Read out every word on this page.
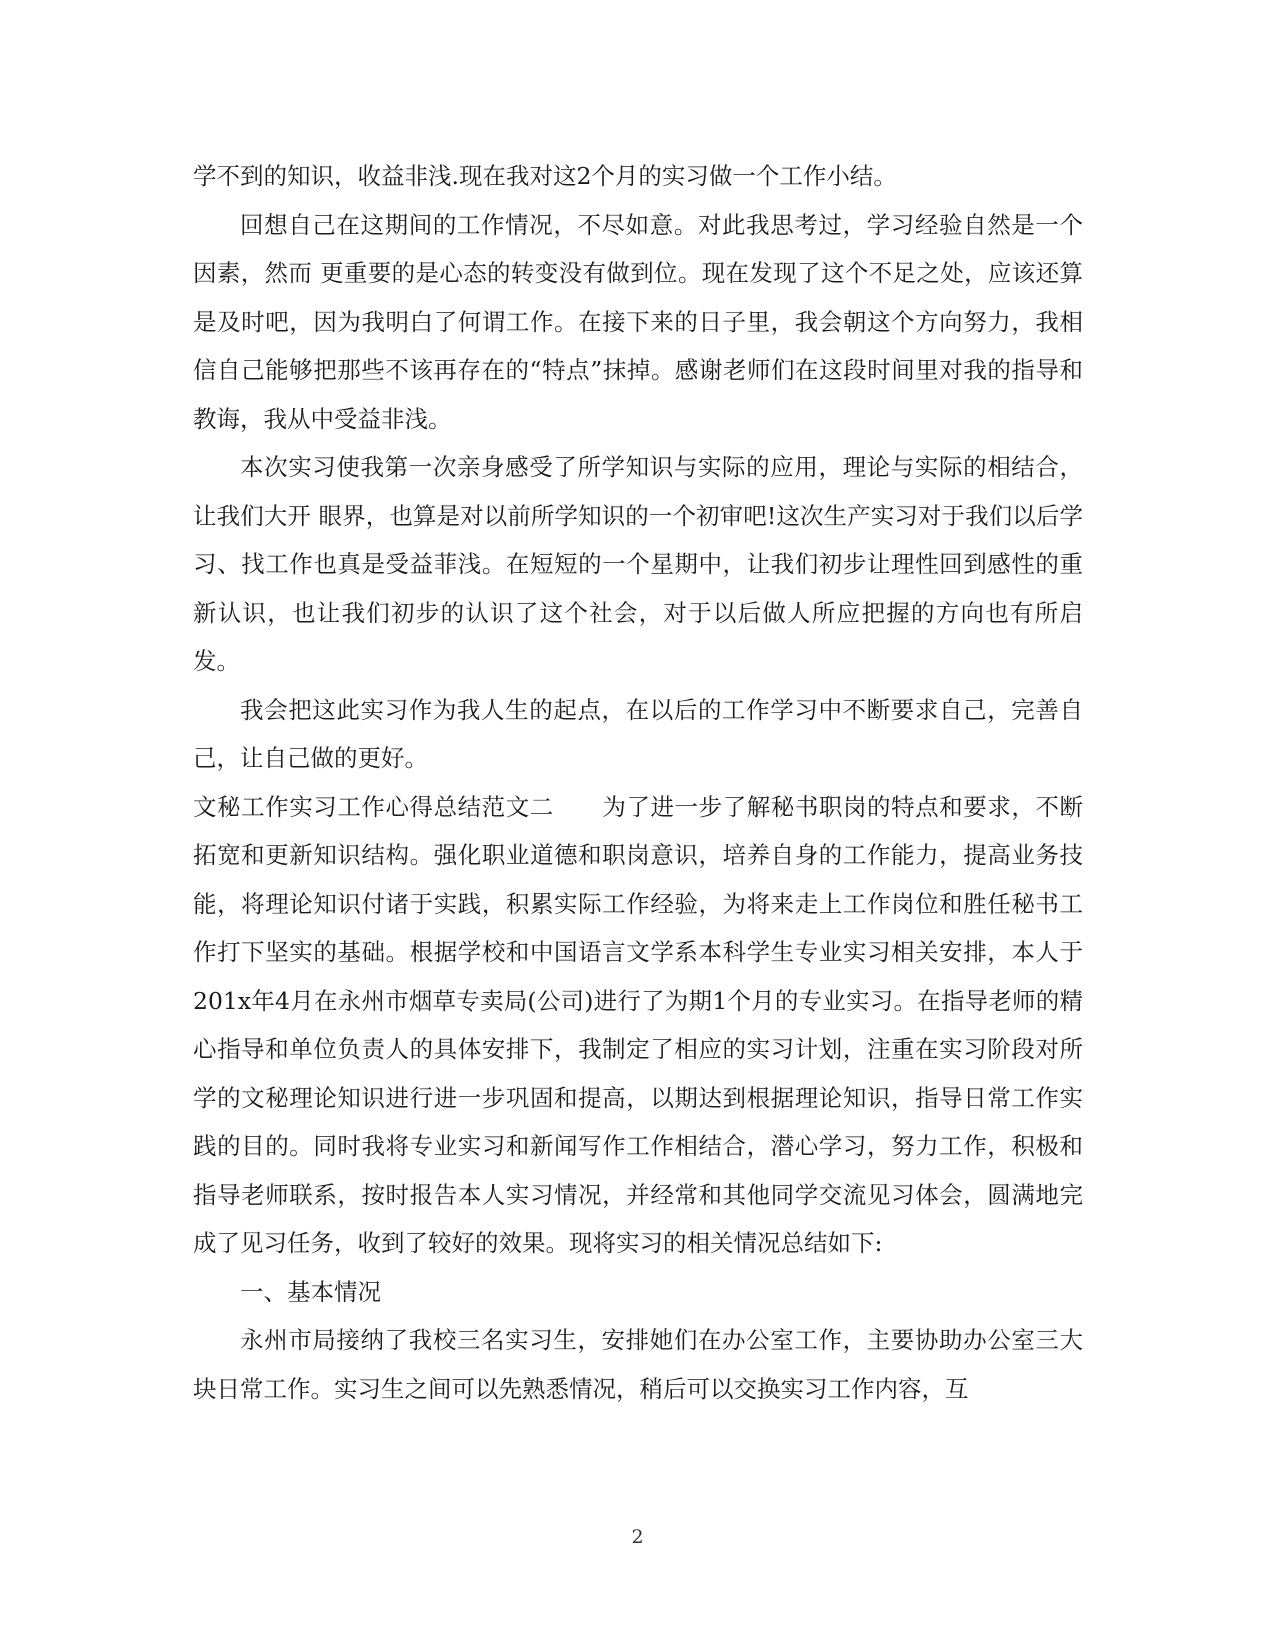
学不到的知识，收益非浅.现在我对这2个月的实习做一个工作小结。

回想自己在这期间的工作情况，不尽如意。对此我思考过，学习经验自然是一个因素，然而 更重要的是心态的转变没有做到位。现在发现了这个不足之处，应该还算是及时吧，因为我明白了何谓工作。在接下来的日子里，我会朝这个方向努力，我相信自己能够把那些不该再存在的“特点”抹掉。感谢老师们在这段时间里对我的指导和教诲，我从中受益非浅。

本次实习使我第一次亲身感受了所学知识与实际的应用，理论与实际的相结合，让我们大开 眼界，也算是对以前所学知识的一个初审吧!这次生产实习对于我们以后学习、找工作也真是受益菲浅。在短短的一个星期中，让我们初步让理性回到感性的重新认识，也让我们初步的认识了这个社会，对于以后做人所应把握的方向也有所启发。

我会把这此实习作为我人生的起点，在以后的工作学习中不断要求自己，完善自己，让自己做的更好。

文秘工作实习工作心得总结范文二 为了进一步了解秘书职岗的特点和要求，不断拓宽和更新知识结构。强化职业道德和职岗意识，培养自身的工作能力，提高业务技能，将理论知识付诸于实践，积累实际工作经验，为将来走上工作岗位和胜任秘书工作打下坚实的基础。根据学校和中国语言文学系本科学生专业实习相关安排，本人于201x年4月在永州市烟草专卖局(公司)进行了为期1个月的专业实习。在指导老师的精心指导和单位负责人的具体安排下，我制定了相应的实习计划，注重在实习阶段对所学的文秘理论知识进行进一步巩固和提高，以期达到根据理论知识，指导日常工作实践的目的。同时我将专业实习和新闻写作工作相结合，潜心学习，努力工作，积极和指导老师联系，按时报告本人实习情况，并经常和其他同学交流见习体会，圆满地完成了见习任务，收到了较好的效果。现将实习的相关情况总结如下:

一、基本情况

永州市局接纳了我校三名实习生，安排她们在办公室工作，主要协助办公室三大块日常工作。实习生之间可以先熟悉情况，稍后可以交换实习工作内容，互

2
